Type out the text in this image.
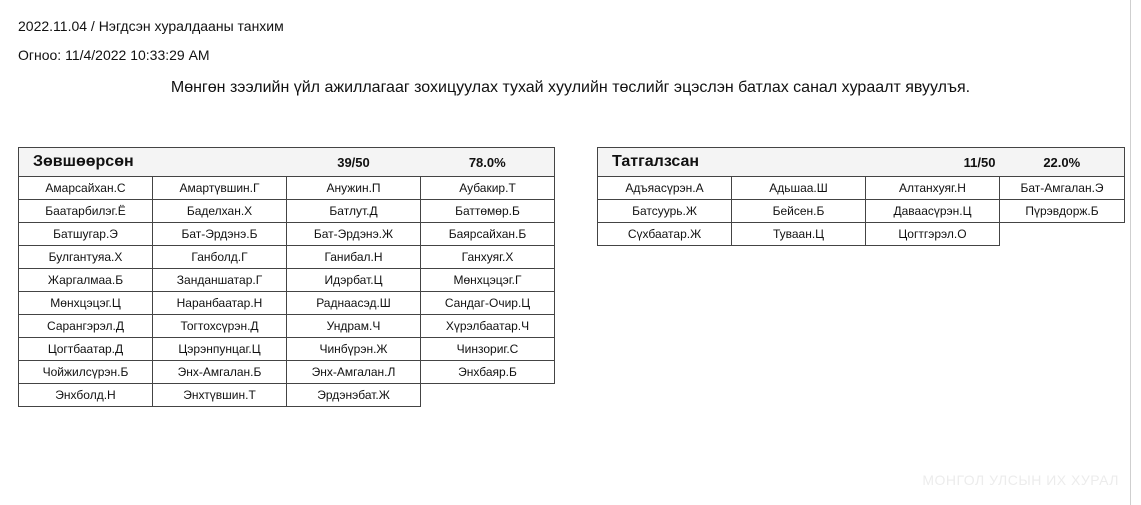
2022.11.04 / Нэгдсэн хуралдааны танхим
Огноо: 11/4/2022 10:33:29 AM
Мөнгөн зээлийн үйл ажиллагааг зохицуулах тухай хуулийн төслийг эцэслэн батлах санал хураалт явуулъя.
Зөвшөөрсөн		39/50	78.0%
Амарсайхан.С	Амартүвшин.Г	Анужин.П	Аубакир.Т
Баатарбилэг.Ё	Баделхан.Х	Батлут.Д	Баттөмөр.Б
Батшугар.Э	Бат-Эрдэнэ.Б	Бат-Эрдэнэ.Ж	Баярсайхан.Б
Булгантуяа.Х	Ганболд.Г	Ганибал.Н	Ганхуяг.Х
Жаргалмаа.Б	Занданшатар.Г	Идэрбат.Ц	Мөнхцэцэг.Г
Мөнхцэцэг.Ц	Наранбаатар.Н	Раднаасэд.Ш	Сандаг-Очир.Ц
Сарангэрэл.Д	Тогтохсүрэн.Д	Ундрам.Ч	Хүрэлбаатар.Ч
Цогтбаатар.Д	Цэрэнпунцаг.Ц	Чинбүрэн.Ж	Чинзориг.С
Чойжилсүрэн.Б	Энх-Амгалан.Б	Энх-Амгалан.Л	Энхбаяр.Б
Энхболд.Н	Энхтүвшин.Т	Эрдэнэбат.Ж	
Татгалзсан		11/50	22.0%
Адъяасүрэн.А	Адьшаа.Ш	Алтанхуяг.Н	Бат-Амгалан.Э
Батсуурь.Ж	Бейсен.Б	Даваасүрэн.Ц	Пүрэвдорж.Б
Сүхбаатар.Ж	Туваан.Ц	Цогтгэрэл.О	
МОНГОЛ УЛСЫН ИХ ХУРАЛ
